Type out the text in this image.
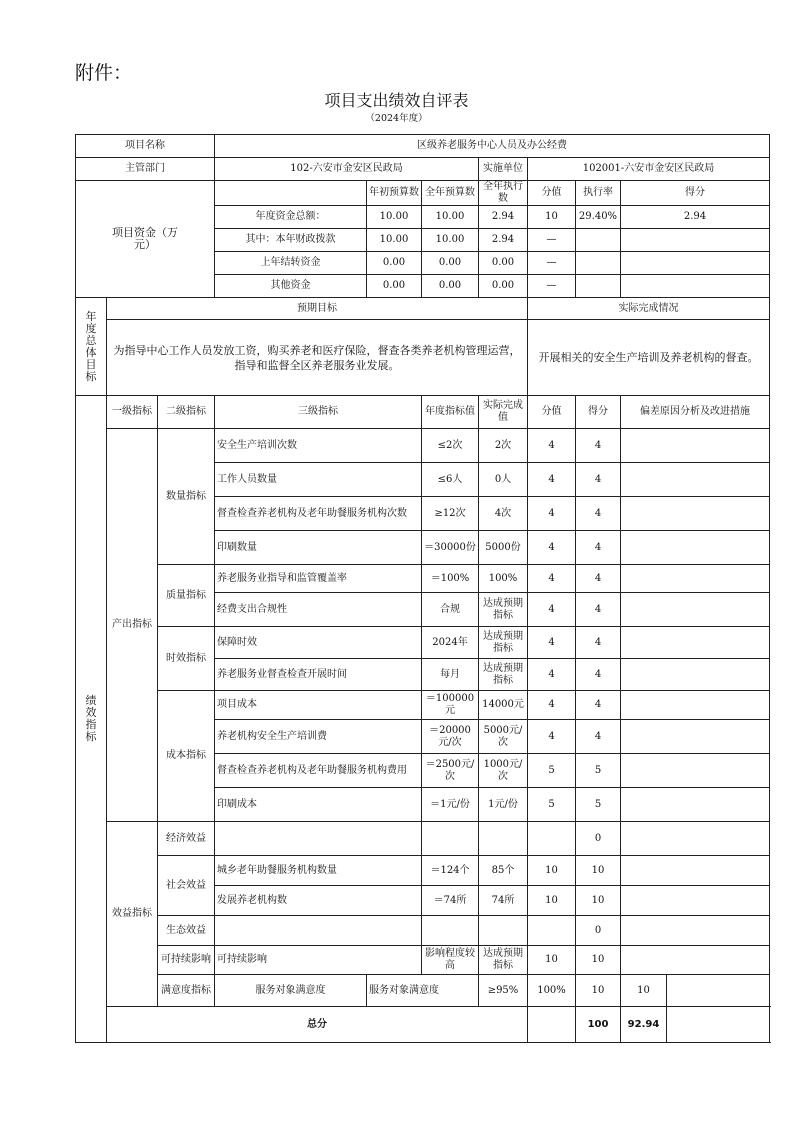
附件：
项目支出绩效自评表
（2024年度）
项目名称			区级养老服务中心人员及办公经费							
主管部门			102-六安市金安区民政局			实施单位	102001-六安市金安区民政局			
项目资金（万元）				年初预算数	全年预算数	全年执行数	分值	执行率	得分	
			年度资金总额：	10.00	10.00	2.94	10	29.40%	2.94	
			其中：本年财政拨款	10.00	10.00	2.94	—			
			上年结转资金	0.00	0.00	0.00	—			
			其他资金	0.00	0.00	0.00	—			
年度总体目标	预期目标						实际完成情况			
	为指导中心工作人员发放工资，购买养老和医疗保险，督查各类养老机构管理运营，指导和监督全区养老服务业发展。						开展相关的安全生产培训及养老机构的督查。			
绩效指标	一级指标	二级指标	三级指标		年度指标值	实际完成值	分值	得分	偏差原因分析及改进措施	
	产出指标	数量指标	安全生产培训次数		≤2次	2次	4	4		
			工作人员数量		≤6人	0人	4	4		
			督查检查养老机构及老年助餐服务机构次数		≥12次	4次	4	4		
			印刷数量		＝30000份	5000份	4	4		
		质量指标	养老服务业指导和监管覆盖率		＝100%	100%	4	4		
			经费支出合规性		合规	达成预期指标	4	4		
		时效指标	保障时效		2024年	达成预期指标	4	4		
			养老服务业督查检查开展时间		每月	达成预期指标	4	4		
		成本指标	项目成本		＝100000元	14000元	4	4		
			养老机构安全生产培训费		＝20000元/次	5000元/次	4	4		
			督查检查养老机构及老年助餐服务机构费用		＝2500元/次	1000元/次	5	5		
			印刷成本		＝1元/份	1元/份	5	5		
	效益指标	经济效益						0		
		社会效益	城乡老年助餐服务机构数量		＝124个	85个	10	10		
			发展养老机构数		＝74所	74所	10	10		
		生态效益						0		
		可持续影响	可持续影响		影响程度较高	达成预期指标	10	10		
		满意度指标	服务对象满意度	服务对象满意度		≥95%	100%	10	10	
	总分							100	92.94	
